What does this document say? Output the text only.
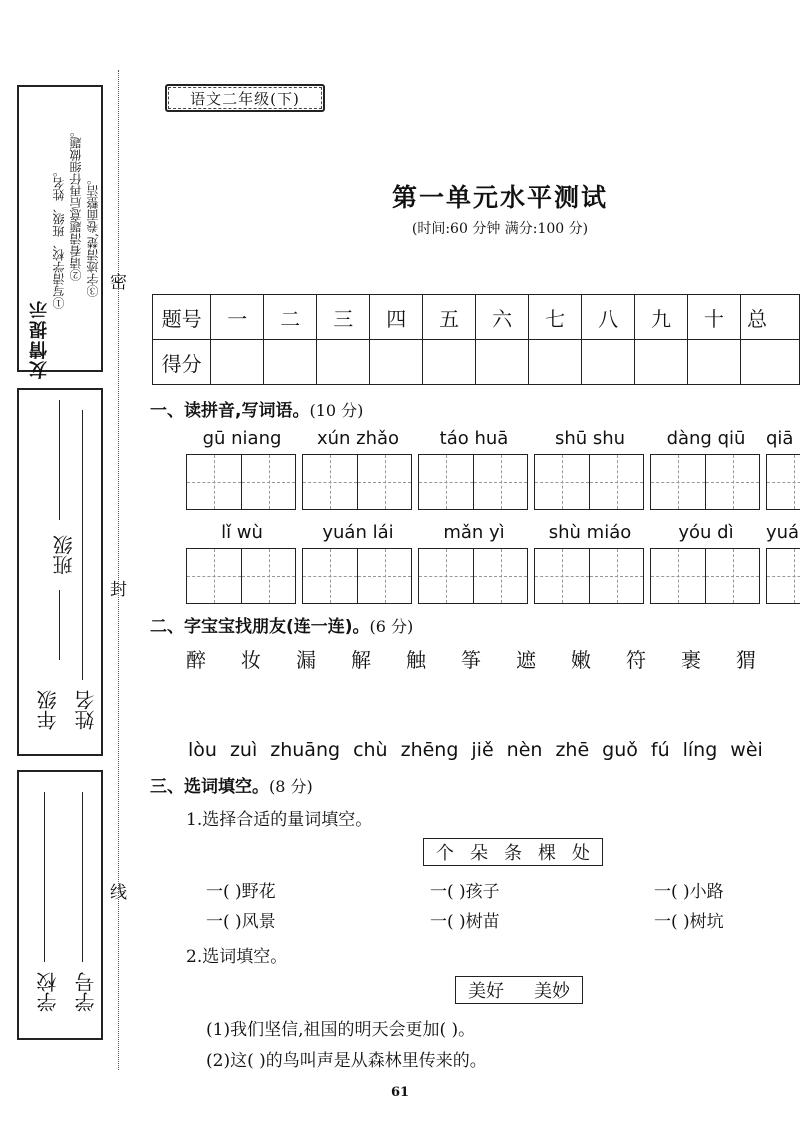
友情提示
①写清学校、班级、姓名。 ②请看清题意后再仔细做题。 ③字迹清楚,卷面整洁。
班级
年级 姓名
学校 学号
密
封
线
语文二年级(下)
第一单元水平测试
(时间:60 分钟 满分:100 分)
题号	一	二	三	四	五	六	七	八	九	十	总
得分											
一、读拼音,写词语。(10 分)
gū niang	xún zhǎo	táo huā	shū shu	dàng qiū	qiā
lǐ wù	yuán lái	mǎn yì	shù miáo	yóu dì	yuá
二、字宝宝找朋友(连一连)。(6 分)
醉 妆 漏 解 触 筝 遮 嫩 符 裹 猬
lòu zuì zhuāng chù zhēng jiě nèn zhē guǒ fú líng wèi
三、选词填空。(8 分)
1.选择合适的量词填空。
个 朵 条 棵 处
一( )野花	一( )孩子	一( )小路
一( )风景	一( )树苗	一( )树坑
2.选词填空。
美好 美妙
(1)我们坚信,祖国的明天会更加( )。
(2)这( )的鸟叫声是从森林里传来的。
61
